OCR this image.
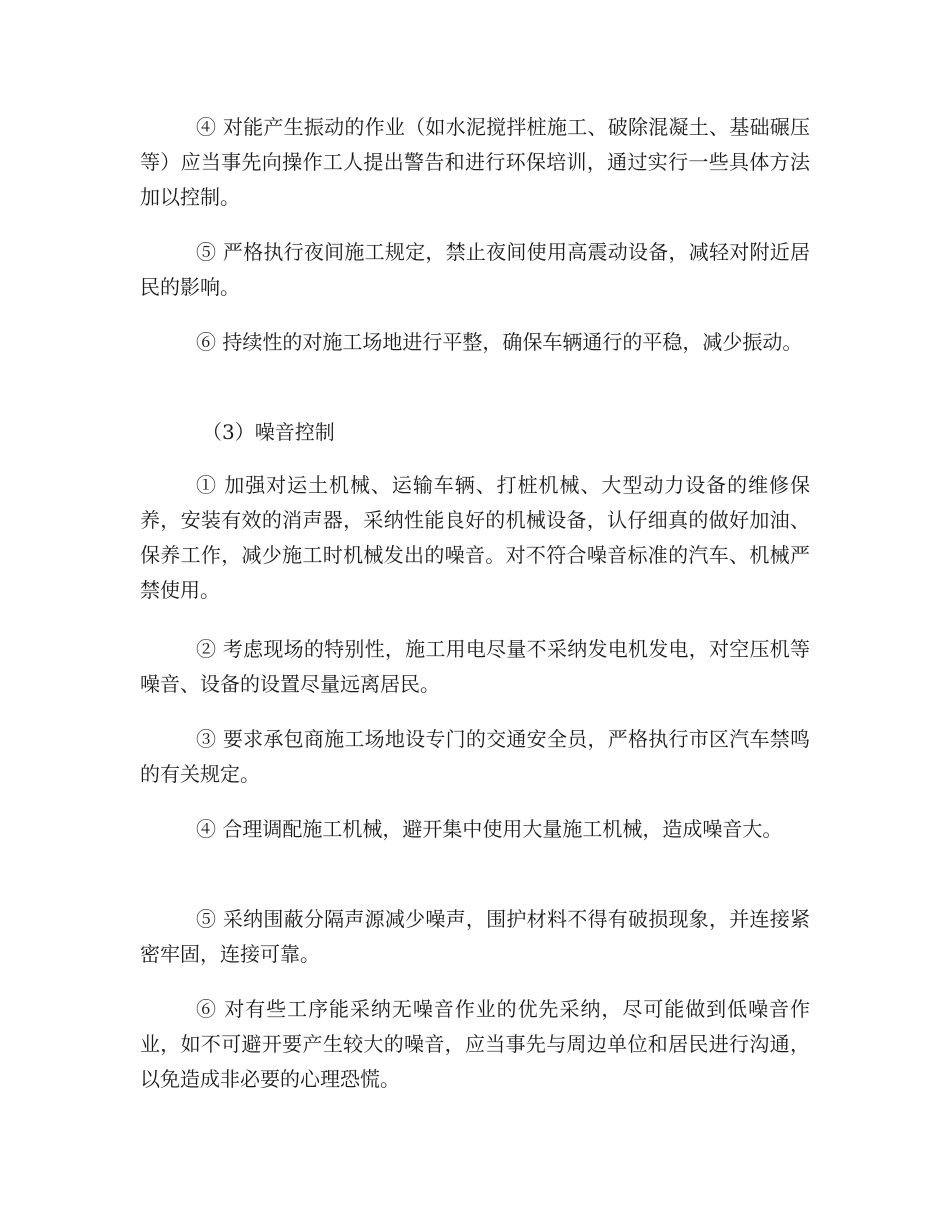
④ 对能产生振动的作业（如水泥搅拌桩施工、破除混凝土、基础碾压等）应当事先向操作工人提出警告和进行环保培训，通过实行一些具体方法加以控制。

⑤ 严格执行夜间施工规定，禁止夜间使用高震动设备，减轻对附近居民的影响。

⑥ 持续性的对施工场地进行平整，确保车辆通行的平稳，减少振动。

（3）噪音控制

① 加强对运土机械、运输车辆、打桩机械、大型动力设备的维修保养，安装有效的消声器，采纳性能良好的机械设备，认仔细真的做好加油、保养工作，减少施工时机械发出的噪音。对不符合噪音标准的汽车、机械严禁使用。

② 考虑现场的特别性，施工用电尽量不采纳发电机发电，对空压机等噪音、设备的设置尽量远离居民。

③ 要求承包商施工场地设专门的交通安全员，严格执行市区汽车禁鸣的有关规定。

④ 合理调配施工机械，避开集中使用大量施工机械，造成噪音大。

⑤ 采纳围蔽分隔声源减少噪声，围护材料不得有破损现象，并连接紧密牢固，连接可靠。

⑥ 对有些工序能采纳无噪音作业的优先采纳，尽可能做到低噪音作业，如不可避开要产生较大的噪音，应当事先与周边单位和居民进行沟通，以免造成非必要的心理恐慌。
